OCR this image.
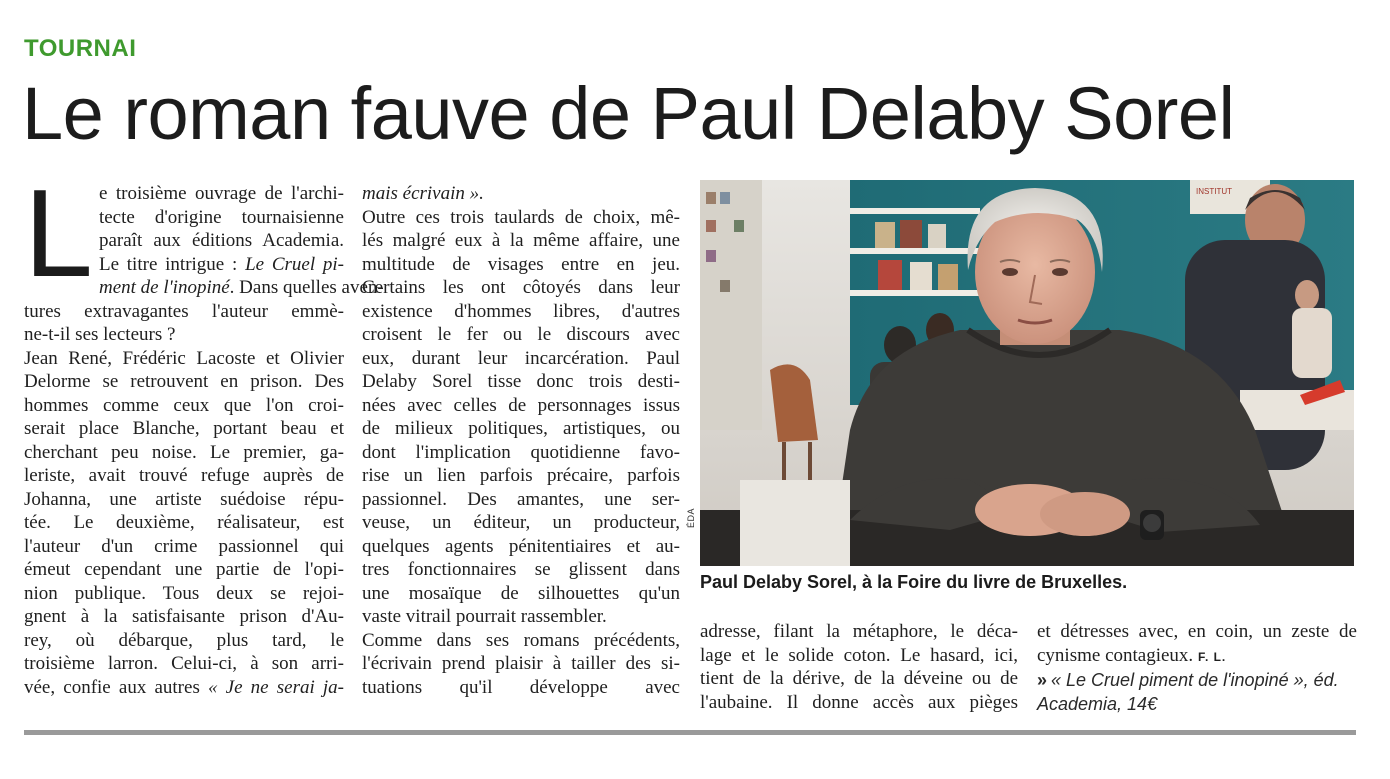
TOURNAI
Le roman fauve de Paul Delaby Sorel
L e troisième ouvrage de l'archi-
tecte d'origine tournaisienne
paraît aux éditions Academia.
Le titre intrigue : Le Cruel pi-
ment de l'inopiné. Dans quelles aven-
tures extravagantes l'auteur emmè-
ne-t-il ses lecteurs ?
Jean René, Frédéric Lacoste et Olivier
Delorme se retrouvent en prison. Des
hommes comme ceux que l'on croi-
serait place Blanche, portant beau et
cherchant peu noise. Le premier, ga-
leriste, avait trouvé refuge auprès de
Johanna, une artiste suédoise répu-
tée. Le deuxième, réalisateur, est
l'auteur d'un crime passionnel qui
émeut cependant une partie de l'opi-
nion publique. Tous deux se rejoi-
gnent à la satisfaisante prison d'Au-
rey, où débarque, plus tard, le
troisième larron. Celui-ci, à son arri-
vée, confie aux autres « Je ne serai ja-
mais écrivain ».
Outre ces trois taulards de choix, mê-
lés malgré eux à la même affaire, une
multitude de visages entre en jeu.
Certains les ont côtoyés dans leur
existence d'hommes libres, d'autres
croisent le fer ou le discours avec
eux, durant leur incarcération. Paul
Delaby Sorel tisse donc trois desti-
nées avec celles de personnages issus
de milieux politiques, artistiques, ou
dont l'implication quotidienne favo-
rise un lien parfois précaire, parfois
passionnel. Des amantes, une ser-
veuse, un éditeur, un producteur,
quelques agents pénitentiaires et au-
tres fonctionnaires se glissent dans
une mosaïque de silhouettes qu'un
vaste vitrail pourrait rassembler.
Comme dans ses romans précédents,
l'écrivain prend plaisir à tailler des si-
tuations qu'il développe avec
INSTITUT
ÉDA
Paul Delaby Sorel, à la Foire du livre de Bruxelles.
adresse, filant la métaphore, le déca-
lage et le solide coton. Le hasard, ici,
tient de la dérive, de la déveine ou de
l'aubaine. Il donne accès aux pièges
et détresses avec, en coin, un zeste de
cynisme contagieux. F. L.
» « Le Cruel piment de l'inopiné », éd.
Academia, 14€
